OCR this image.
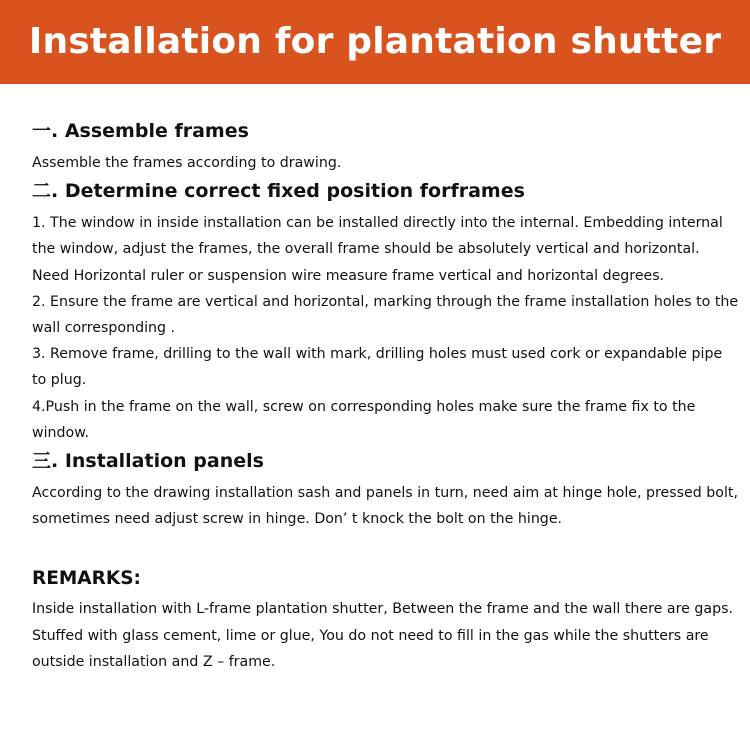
Installation for plantation shutter
一. Assemble frames

Assemble the frames according to drawing.

二. Determine correct fixed position forframes

1. The window in inside installation can be installed directly into the internal. Embedding internal the window, adjust the frames, the overall frame should be absolutely vertical and horizontal. Need Horizontal ruler or suspension wire measure frame vertical and horizontal degrees.

2. Ensure the frame are vertical and horizontal, marking through the frame installation holes to the wall corresponding .

3. Remove frame, drilling to the wall with mark, drilling holes must used cork or expandable pipe to plug.

4.Push in the frame on the wall, screw on corresponding holes make sure the frame fix to the window.

三. Installation panels

According to the drawing installation sash and panels in turn, need aim at hinge hole, pressed bolt, sometimes need adjust screw in hinge. Don’ t knock the bolt on the hinge.

REMARKS:

Inside installation with L-frame plantation shutter, Between the frame and the wall there are gaps. Stuffed with glass cement, lime or glue, You do not need to fill in the gas while the shutters are outside installation and Z – frame.
